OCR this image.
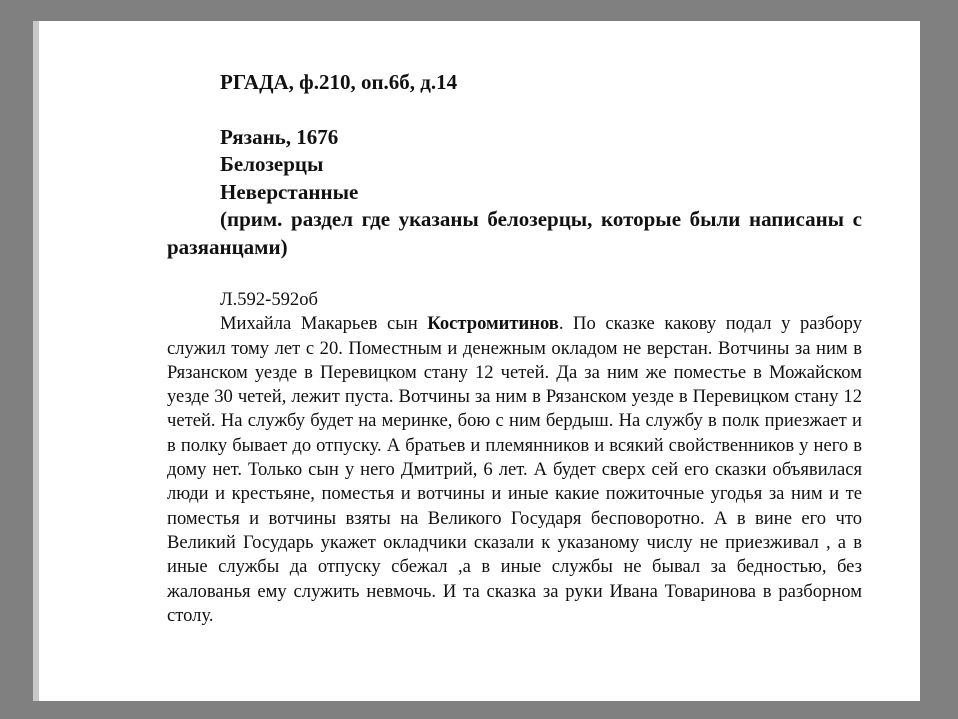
РГАДА, ф.210, оп.6б, д.14

Рязань, 1676

Белозерцы

Неверстанные

(прим. раздел где указаны белозерцы, которые были написаны с разяанцами)

Л.592-592об

Михайла Макарьев сын Костромитинов. По сказке какову подал у разбору служил тому лет с 20. Поместным и денежным окладом не верстан. Вотчины за ним в Рязанском уезде в Перевицком стану 12 четей. Да за ним же поместье в Можайском уезде 30 четей, лежит пуста. Вотчины за ним в Рязанском уезде в Перевицком стану 12 четей. На службу будет на меринке, бою с ним бердыш. На службу в полк приезжает и в полку бывает до отпуску. А братьев и племянников и всякий свойственников у него в дому нет. Только сын у него Дмитрий, 6 лет. А будет сверх сей его сказки объявилася люди и крестьяне, поместья и вотчины и иные какие пожиточные угодья за ним и те поместья и вотчины взяты на Великого Государя бесповоротно. А в вине его что Великий Государь укажет окладчики сказали к указаному числу не приезживал , а в иные службы да отпуску сбежал ,а в иные службы не бывал за бедностью, без жалованья ему служить невмочь. И та сказка за руки Ивана Товаринова в разборном столу.
